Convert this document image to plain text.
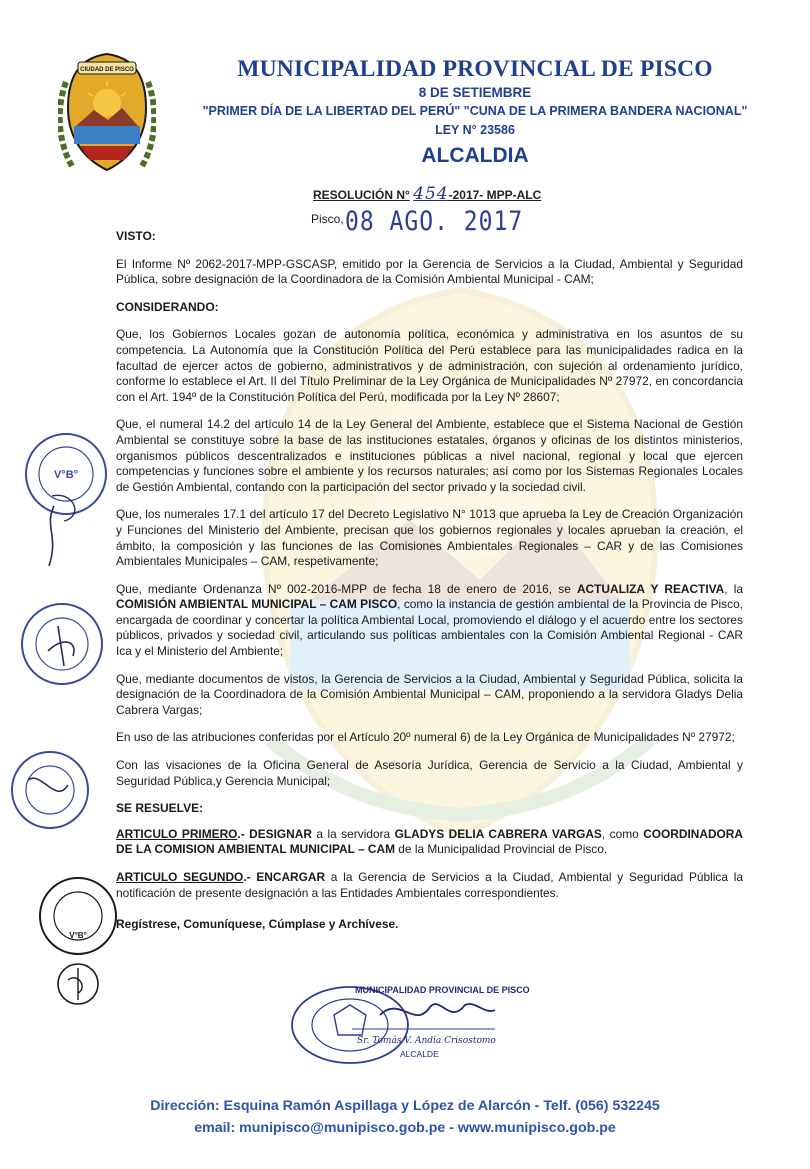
CIUDAD DE PISCO	MUNICIPALIDAD PROVINCIAL DE PISCO
8 DE SETIEMBRE
"PRIMER DÍA DE LA LIBERTAD DEL PERÚ" "CUNA DE LA PRIMERA BANDERA NACIONAL"
LEY N° 23586
ALCALDIA
RESOLUCIÓN N° 454-2017- MPP-ALC
Pisco, 08 AGO. 2017
VISTO:

El Informe Nº 2062-2017-MPP-GSCASP, emitido por la Gerencia de Servicios a la Ciudad, Ambiental y Seguridad Pública, sobre designación de la Coordinadora de la Comisión Ambiental Municipal - CAM;

CONSIDERANDO:

Que, los Gobiernos Locales gozan de autonomía política, económica y administrativa en los asuntos de su competencia. La Autonomía que la Constitución Política del Perú establece para las municipalidades radica en la facultad de ejercer actos de gobierno, administrativos y de administración, con sujeción al ordenamiento jurídico, conforme lo establece el Art. II del Título Preliminar de la Ley Orgánica de Municipalidades Nº 27972, en concordancia con el Art. 194º de la Constitución Política del Perú, modificada por la Ley Nº 28607;

Que, el numeral 14.2 del artículo 14 de la Ley General del Ambiente, establece que el Sistema Nacional de Gestión Ambiental se constituye sobre la base de las instituciones estatales, órganos y oficinas de los distintos ministerios, organismos públicos descentralizados e instituciones públicas a nivel nacional, regional y local que ejercen competencias y funciones sobre el ambiente y los recursos naturales; así como por los Sistemas Regionales Locales de Gestión Ambiental, contando con la participación del sector privado y la sociedad civil.

Que, los numerales 17.1 del artículo 17 del Decreto Legislativo N° 1013 que aprueba la Ley de Creación Organización y Funciones del Ministerio del Ambiente, precisan que los gobiernos regionales y locales aprueban la creación, el ámbito, la composición y las funciones de las Comisiones Ambientales Regionales – CAR y de las Comisiones Ambientales Municipales – CAM, respetivamente;

Que, mediante Ordenanza Nº 002-2016-MPP de fecha 18 de enero de 2016, se ACTUALIZA Y REACTIVA, la COMISIÓN AMBIENTAL MUNICIPAL – CAM PISCO, como la instancia de gestión ambiental de la Provincia de Pisco, encargada de coordinar y concertar la política Ambiental Local, promoviendo el diálogo y el acuerdo entre los sectores públicos, privados y sociedad civil, articulando sus políticas ambientales con la Comisión Ambiental Regional - CAR Ica y el Ministerio del Ambiente;

Que, mediante documentos de vistos, la Gerencia de Servicios a la Ciudad, Ambiental y Seguridad Pública, solicita la designación de la Coordinadora de la Comisión Ambiental Municipal – CAM, proponiendo a la servidora Gladys Delia Cabrera Vargas;

En uso de las atribuciones conferidas por el Artículo 20º numeral 6) de la Ley Orgánica de Municipalidades Nº 27972;

Con las visaciones de la Oficina General de Asesoría Jurídica, Gerencia de Servicio a la Ciudad, Ambiental y Seguridad Pública,y Gerencia Municipal;

SE RESUELVE:

ARTICULO PRIMERO.- DESIGNAR a la servidora GLADYS DELIA CABRERA VARGAS, como COORDINADORA DE LA COMISION AMBIENTAL MUNICIPAL – CAM de la Municipalidad Provincial de Pisco.

ARTICULO SEGUNDO.- ENCARGAR a la Gerencia de Servicios a la Ciudad, Ambiental y Seguridad Pública la notificación de presente designación a las Entidades Ambientales correspondientes.

Regístrese, Comuníquese, Cúmplase y Archívese.

V°B°
V°B°
MUNICIPALIDAD PROVINCIAL DE PISCO
Sr. Tomás V. Andia Crisostomo
ALCALDE
Dirección: Esquina Ramón Aspillaga y López de Alarcón - Telf. (056) 532245
email: munipisco@munipisco.gob.pe - www.munipisco.gob.pe
